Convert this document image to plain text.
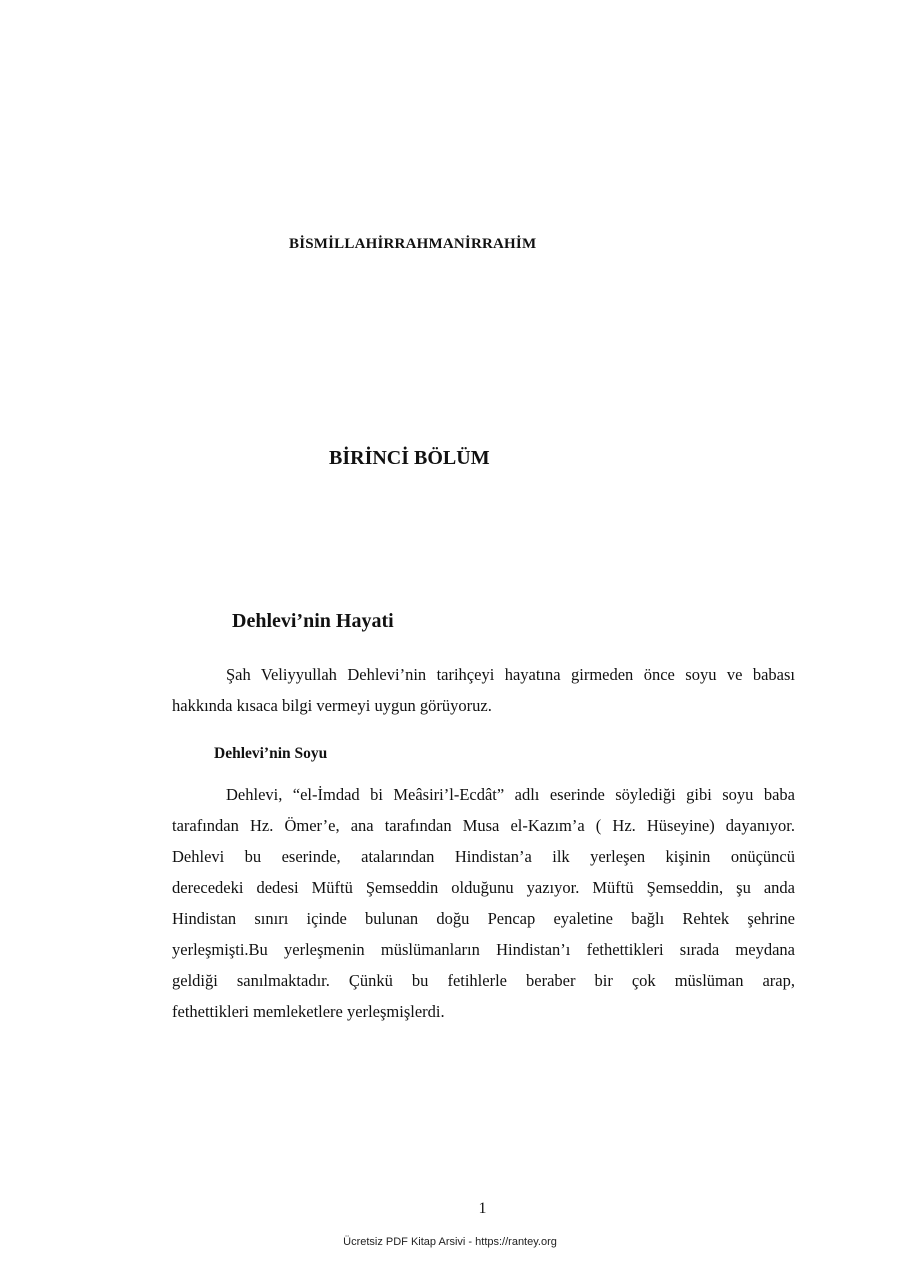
BİSMİLLAHİRRAHMANİRRAHİM
BİRİNCİ BÖLÜM
Dehlevi’nin Hayati
Şah Veliyyullah Dehlevi’nin tarihçeyi hayatına girmeden önce soyu ve babası
hakkında kısaca bilgi vermeyi uygun görüyoruz.
Dehlevi’nin Soyu
Dehlevi, “el-İmdad bi Meâsiri’l-Ecdât” adlı eserinde söylediği gibi soyu baba
tarafından Hz. Ömer’e, ana tarafından Musa el-Kazım’a ( Hz. Hüseyine) dayanıyor.
Dehlevi bu eserinde, atalarından Hindistan’a ilk yerleşen kişinin onüçüncü
derecedeki dedesi Müftü Şemseddin olduğunu yazıyor. Müftü Şemseddin, şu anda
Hindistan sınırı içinde bulunan doğu Pencap eyaletine bağlı Rehtek şehrine
yerleşmişti.Bu yerleşmenin müslümanların Hindistan’ı fethettikleri sırada meydana
geldiği sanılmaktadır. Çünkü bu fetihlerle beraber bir çok müslüman arap,
fethettikleri memleketlere yerleşmişlerdi.
1
Ücretsiz PDF Kitap Arsivi - https://rantey.org
